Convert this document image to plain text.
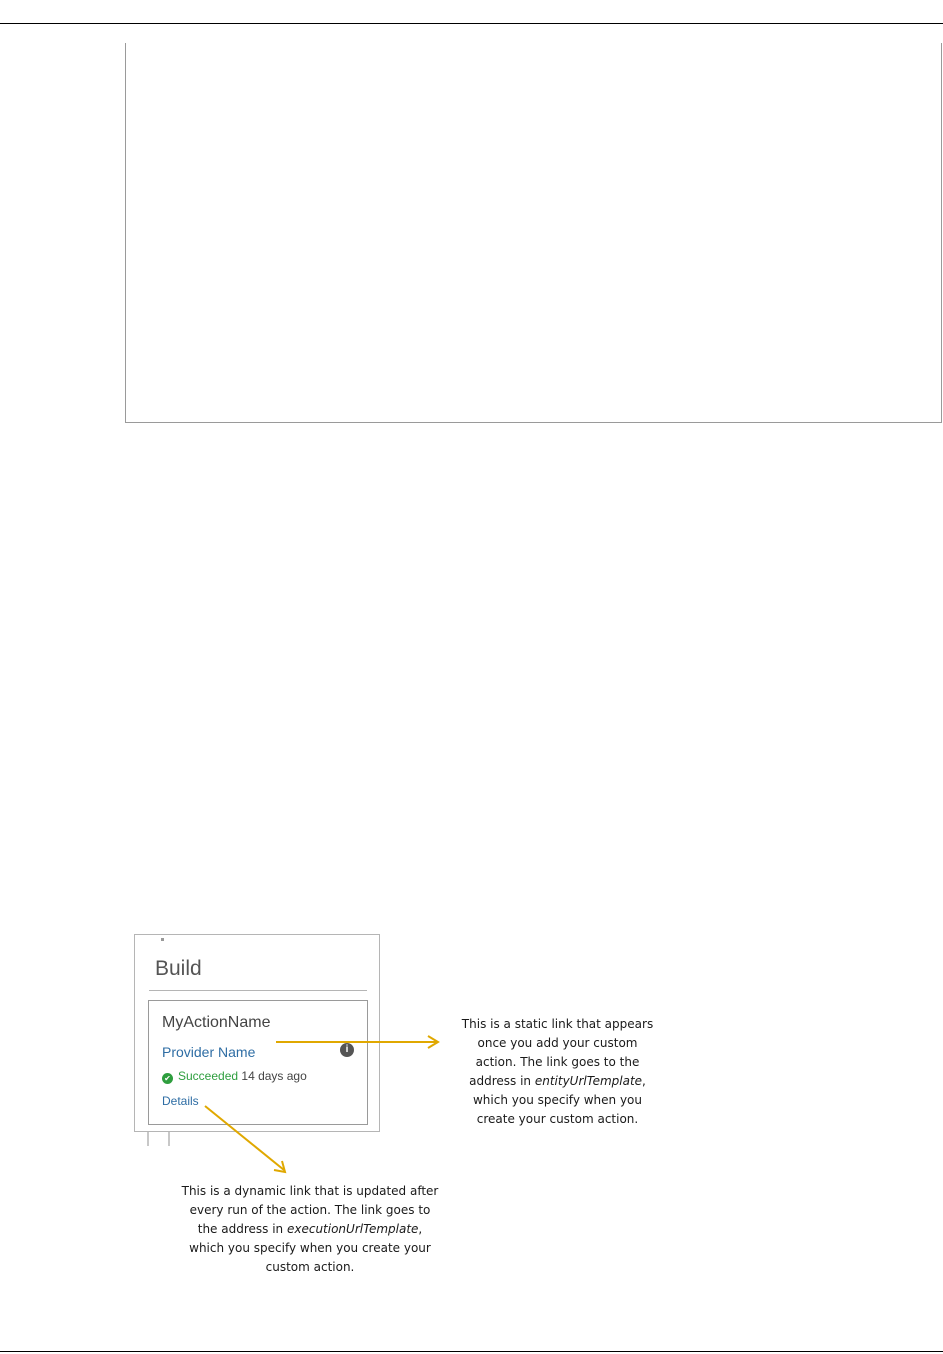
Build
MyActionName
Provider Name	i
✔ Succeeded 14 days ago
Details
This is a static link that appears
once you add your custom
action. The link goes to the
address in entityUrlTemplate,
which you specify when you
create your custom action.
This is a dynamic link that is updated after
every run of the action. The link goes to
the address in executionUrlTemplate,
which you specify when you create your
custom action.
